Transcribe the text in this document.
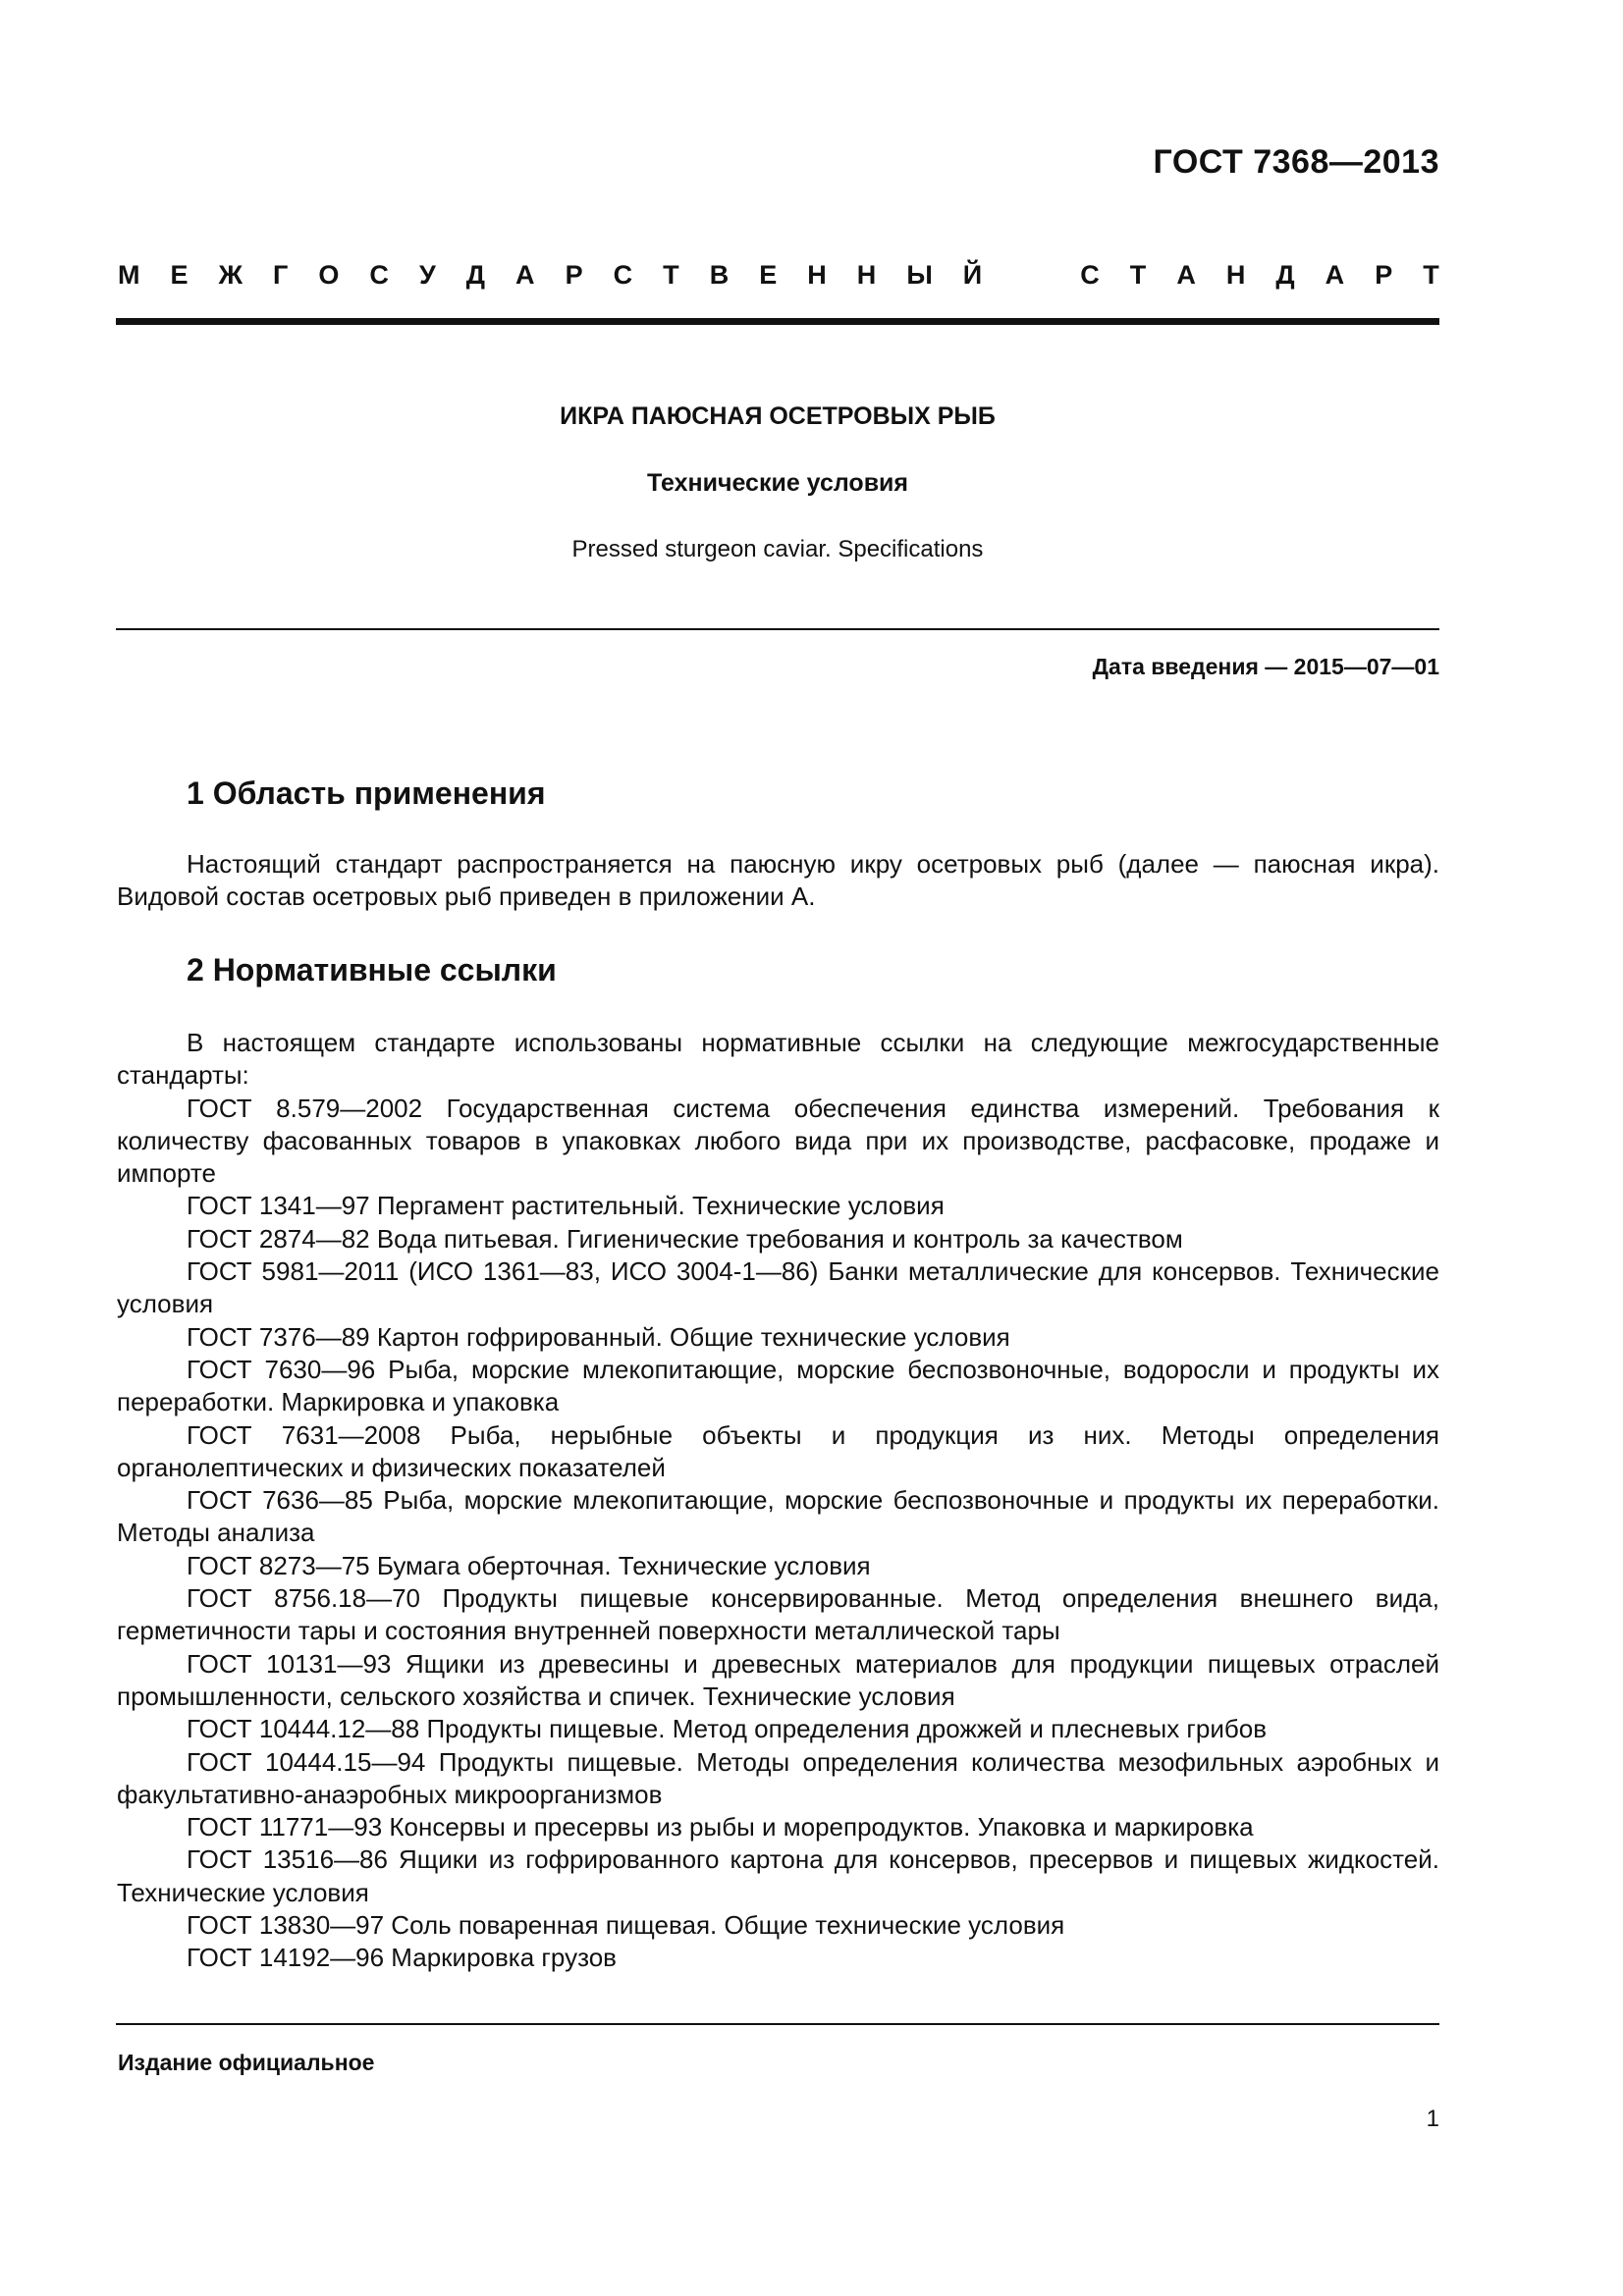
ГОСТ 7368—2013

М Е Ж Г О С У Д А Р С Т В Е Н Н Ы Й	С Т А Н Д А Р Т
ИКРА ПАЮСНАЯ ОСЕТРОВЫХ РЫБ
Технические условия

Pressed sturgeon caviar. Specifications

Дата введения — 2015—07—01

1 Область применения

Настоящий стандарт распространяется на паюсную икру осетровых рыб (далее — паюсная икра). Видовой состав осетровых рыб приведен в приложении А.

2 Нормативные ссылки

В настоящем стандарте использованы нормативные ссылки на следующие межгосударственные стандарты:

ГОСТ 8.579—2002 Государственная система обеспечения единства измерений. Требования к количеству фасованных товаров в упаковках любого вида при их производстве, расфасовке, продаже и импорте

ГОСТ 1341—97 Пергамент растительный. Технические условия

ГОСТ 2874—82 Вода питьевая. Гигиенические требования и контроль за качеством

ГОСТ 5981—2011 (ИСО 1361—83, ИСО 3004-1—86) Банки металлические для консервов. Технические условия

ГОСТ 7376—89 Картон гофрированный. Общие технические условия

ГОСТ 7630—96 Рыба, морские млекопитающие, морские беспозвоночные, водоросли и продукты их переработки. Маркировка и упаковка

ГОСТ 7631—2008 Рыба, нерыбные объекты и продукция из них. Методы определения органолептических и физических показателей

ГОСТ 7636—85 Рыба, морские млекопитающие, морские беспозвоночные и продукты их переработки. Методы анализа

ГОСТ 8273—75 Бумага оберточная. Технические условия

ГОСТ 8756.18—70 Продукты пищевые консервированные. Метод определения внешнего вида, герметичности тары и состояния внутренней поверхности металлической тары

ГОСТ 10131—93 Ящики из древесины и древесных материалов для продукции пищевых отраслей промышленности, сельского хозяйства и спичек. Технические условия

ГОСТ 10444.12—88 Продукты пищевые. Метод определения дрожжей и плесневых грибов

ГОСТ 10444.15—94 Продукты пищевые. Методы определения количества мезофильных аэробных и факультативно-анаэробных микроорганизмов

ГОСТ 11771—93 Консервы и пресервы из рыбы и морепродуктов. Упаковка и маркировка

ГОСТ 13516—86 Ящики из гофрированного картона для консервов, пресервов и пищевых жидкостей. Технические условия

ГОСТ 13830—97 Соль поваренная пищевая. Общие технические условия

ГОСТ 14192—96 Маркировка грузов

Издание официальное

1
